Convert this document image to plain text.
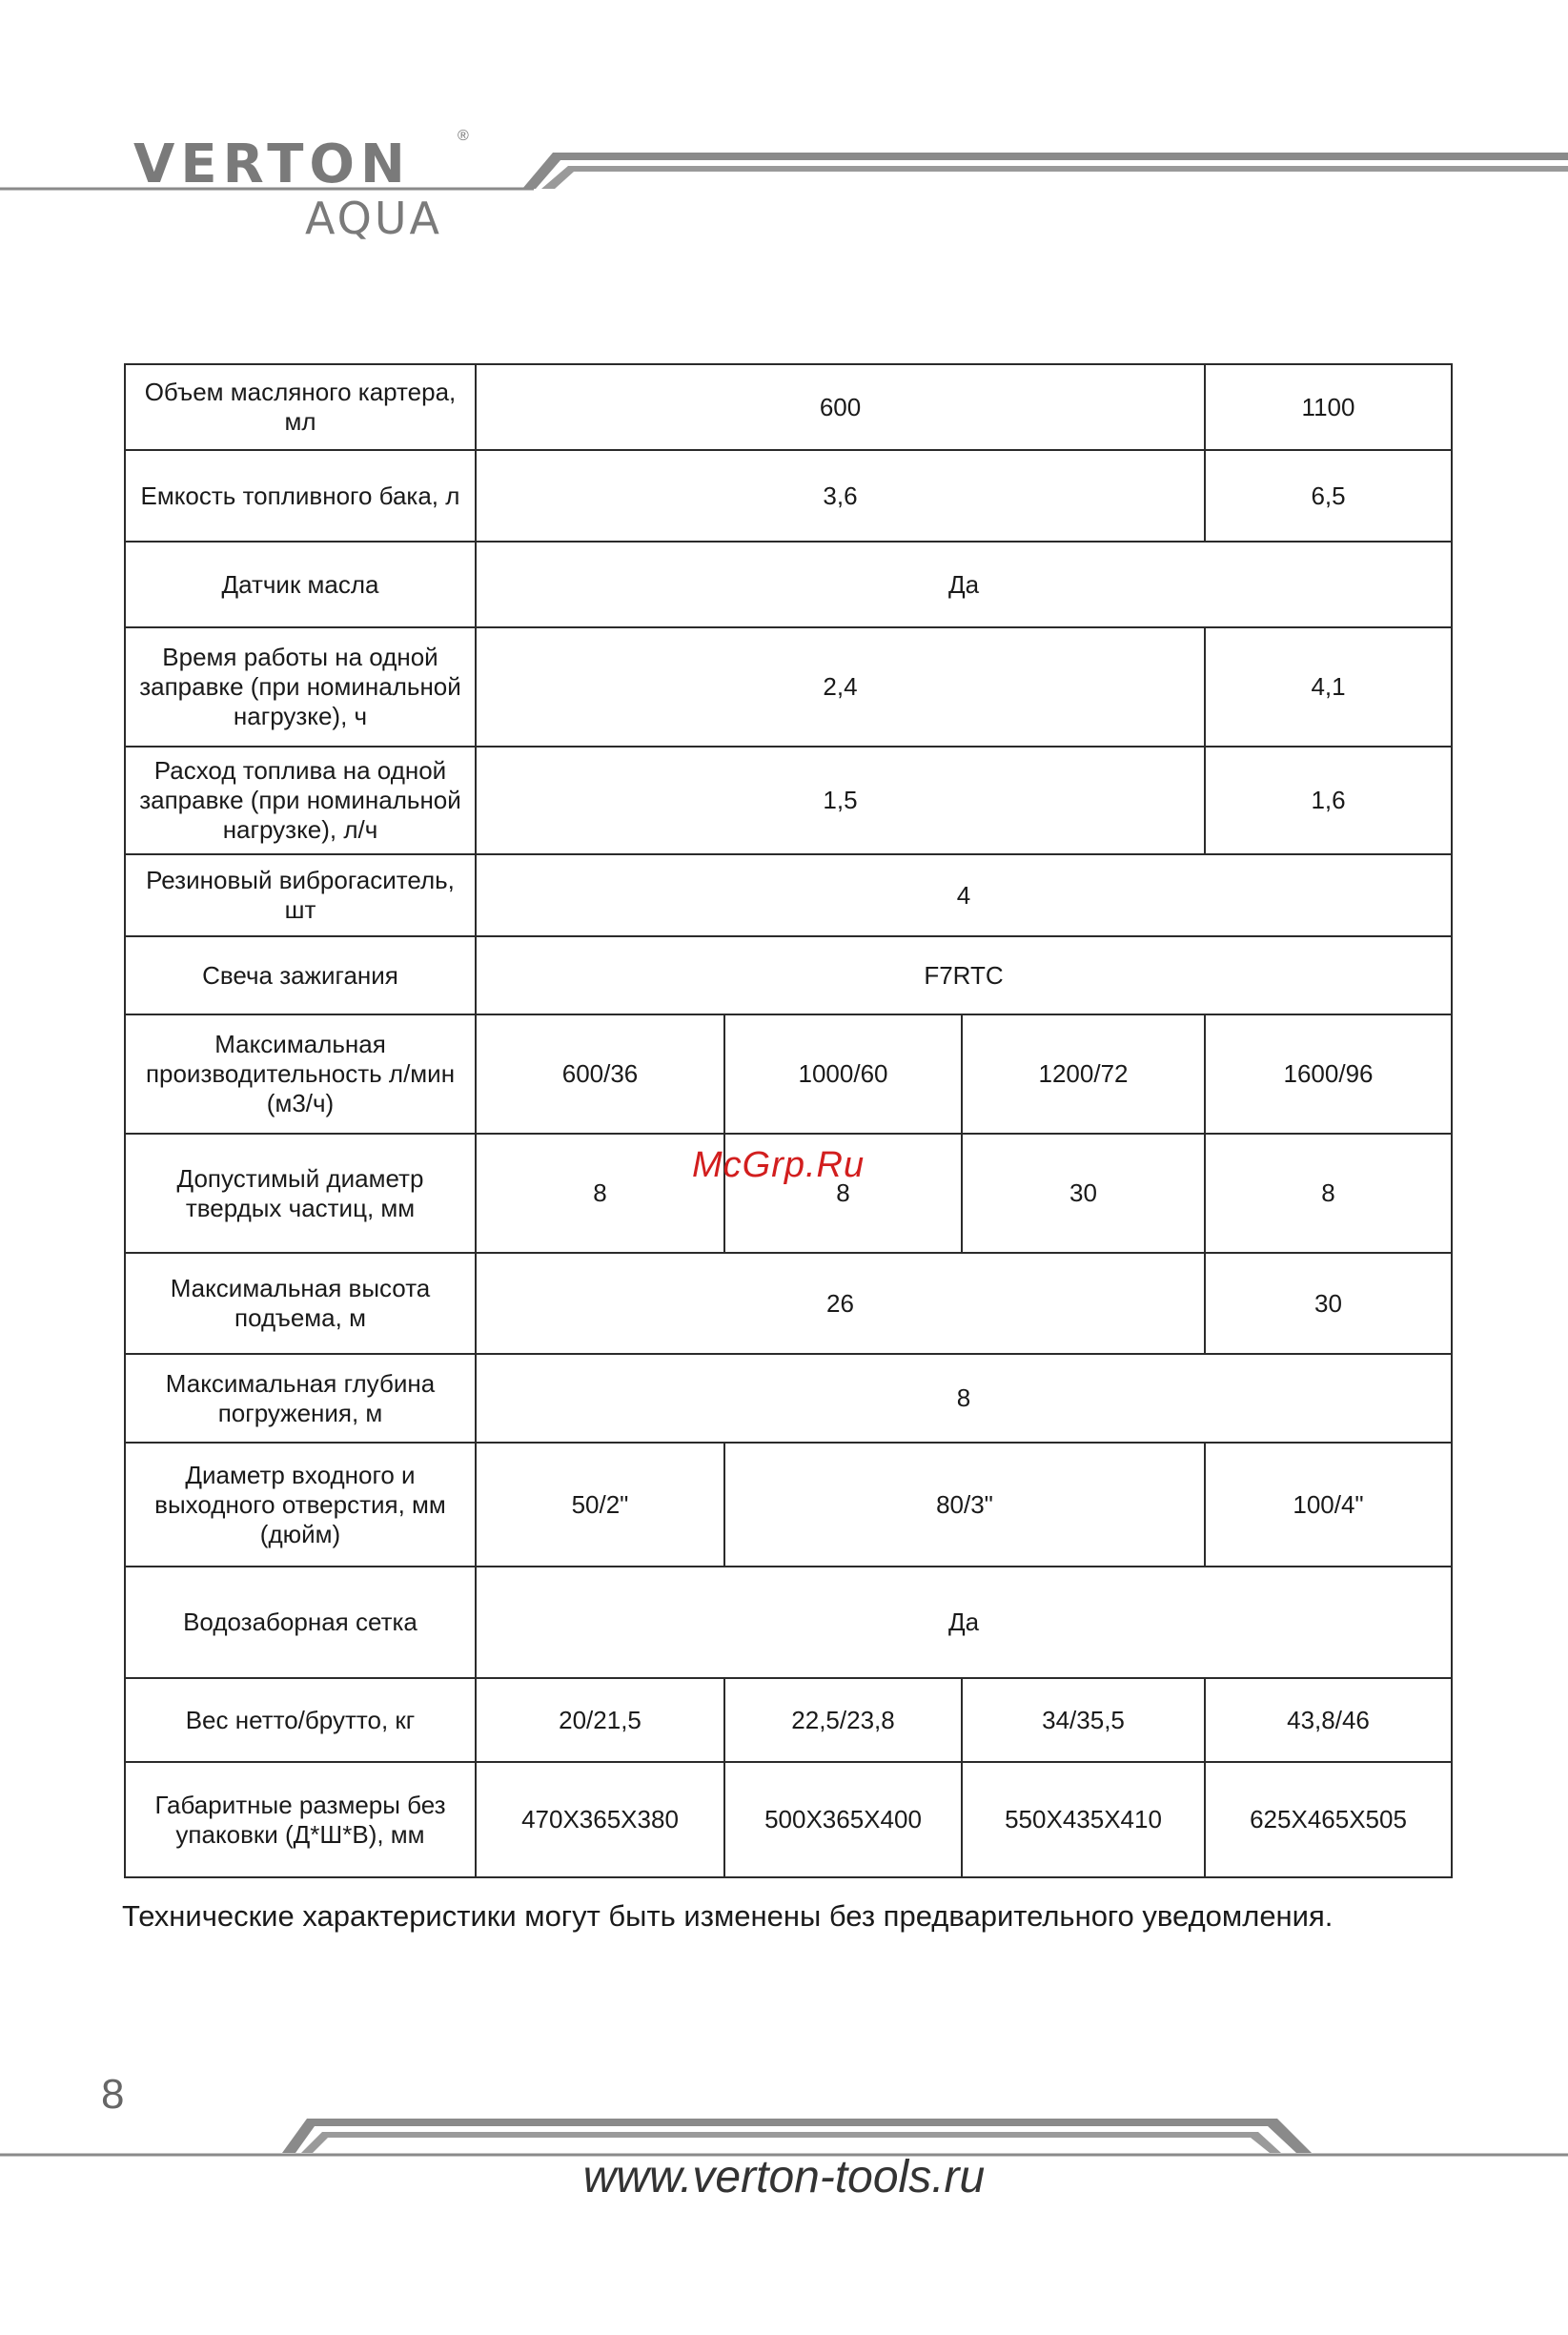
VERTON	®
AQUA
Объем масляного картера, мл	600			1100
Емкость топливного бака, л	3,6			6,5
Датчик масла	Да			
Время работы на одной заправке (при номинальной нагрузке), ч	2,4			4,1
Расход топлива на одной заправке (при номинальной нагрузке), л/ч	1,5			1,6
Резиновый виброгаситель, шт	4			
Свеча зажигания	F7RTC			
Максимальная производительность л/мин (м3/ч)	600/36	1000/60	1200/72	1600/96
Допустимый диаметр твердых частиц, мм	8	8	30	8
Максимальная высота подъема, м	26			30
Максимальная глубина погружения, м	8			
Диаметр входного и выходного отверстия, мм (дюйм)	50/2"	80/3"		100/4"
Водозаборная сетка	Да			
Вес нетто/брутто, кг	20/21,5	22,5/23,8	34/35,5	43,8/46
Габаритные размеры без упаковки (Д*Ш*В), мм	470X365X380	500X365X400	550X435X410	625X465X505
McGrp.Ru
Технические характеристики могут быть изменены без предварительного уведомления.
8
www.verton-tools.ru
